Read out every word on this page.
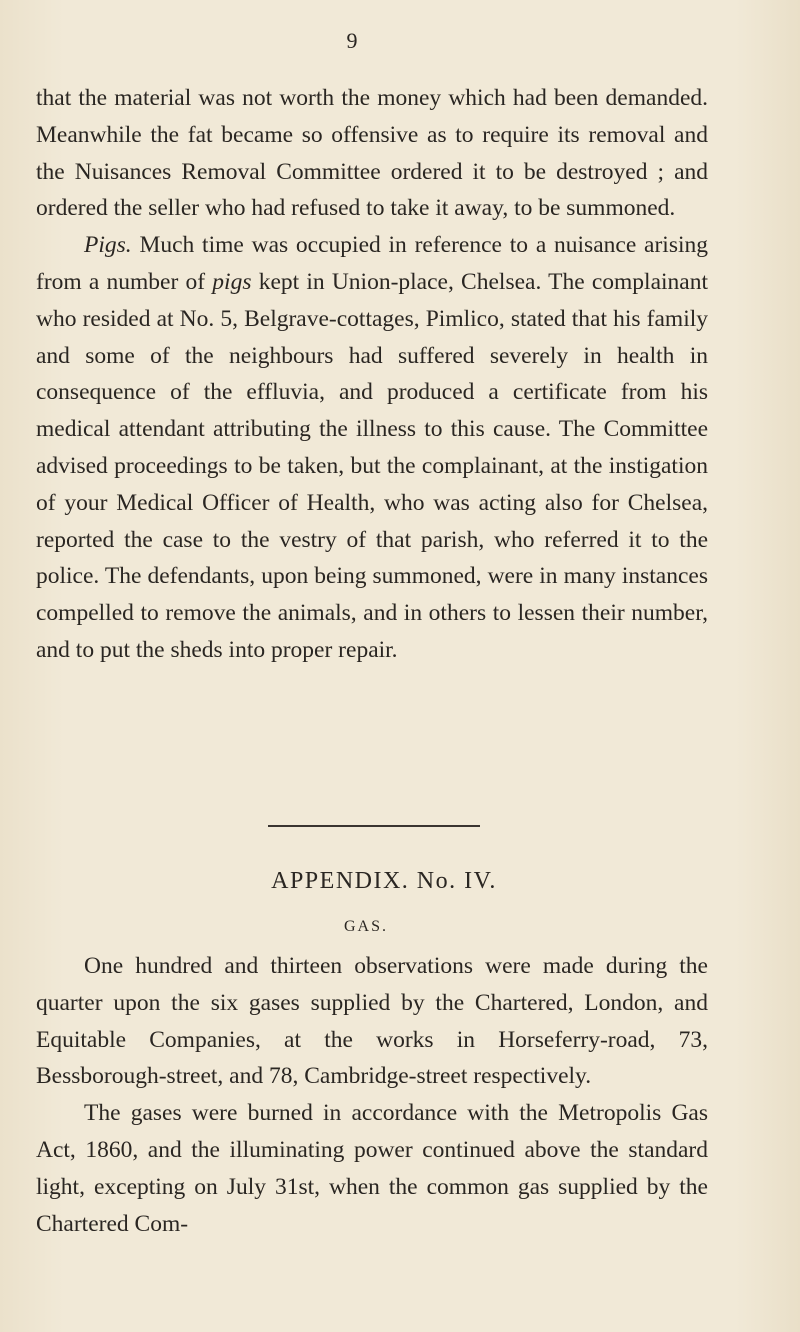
9

that the material was not worth the money which had been demanded. Meanwhile the fat became so offensive as to require its removal and the Nuisances Removal Committee ordered it to be destroyed ; and ordered the seller who had refused to take it away, to be summoned.

Pigs. Much time was occupied in reference to a nuisance arising from a number of pigs kept in Union-place, Chelsea. The complainant who resided at No. 5, Belgrave-cottages, Pimlico, stated that his family and some of the neighbours had suffered severely in health in consequence of the effluvia, and produced a certificate from his medical attendant attributing the illness to this cause. The Committee advised proceedings to be taken, but the complainant, at the instigation of your Medical Officer of Health, who was acting also for Chelsea, reported the case to the vestry of that parish, who referred it to the police. The defendants, upon being summoned, were in many instances compelled to remove the animals, and in others to lessen their number, and to put the sheds into proper repair.

APPENDIX. No. IV.
GAS.

One hundred and thirteen observations were made during the quarter upon the six gases supplied by the Chartered, London, and Equitable Companies, at the works in Horseferry-road, 73, Bessborough-street, and 78, Cambridge-street respectively.

The gases were burned in accordance with the Metropolis Gas Act, 1860, and the illuminating power continued above the standard light, excepting on July 31st, when the common gas supplied by the Chartered Com-
